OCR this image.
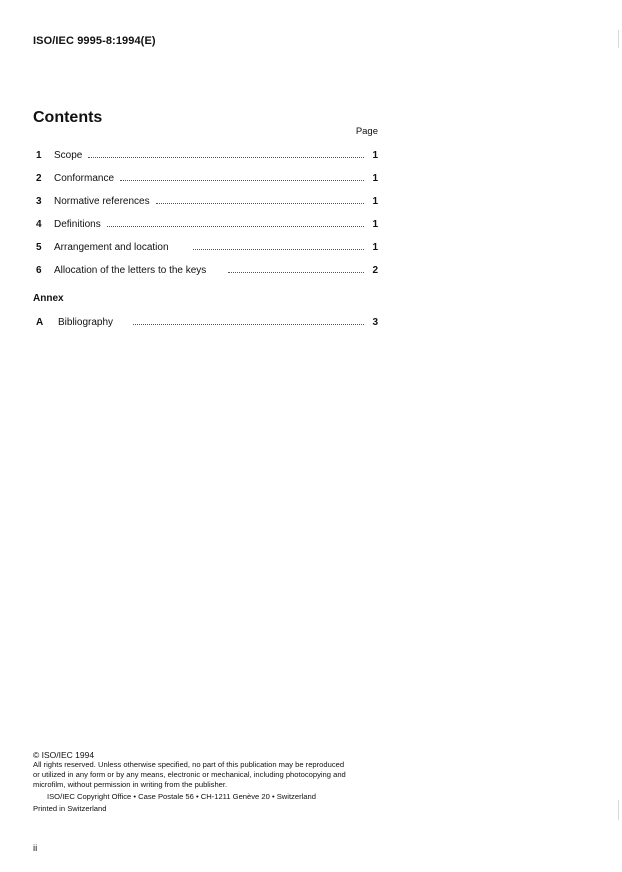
ISO/IEC 9995-8:1994(E)
Contents
Page
1	Scope	1
2	Conformance	1
3	Normative references	1
4	Definitions	1
5	Arrangement and location	1
6	Allocation of the letters to the keys	2
Annex
A	Bibliography	3
© ISO/IEC 1994
All rights reserved. Unless otherwise specified, no part of this publication may be reproduced
or utilized in any form or by any means, electronic or mechanical, including photocopying and
microfilm, without permission in writing from the publisher.
ISO/IEC Copyright Office • Case Postale 56 • CH-1211 Genève 20 • Switzerland
Printed in Switzerland
ii
